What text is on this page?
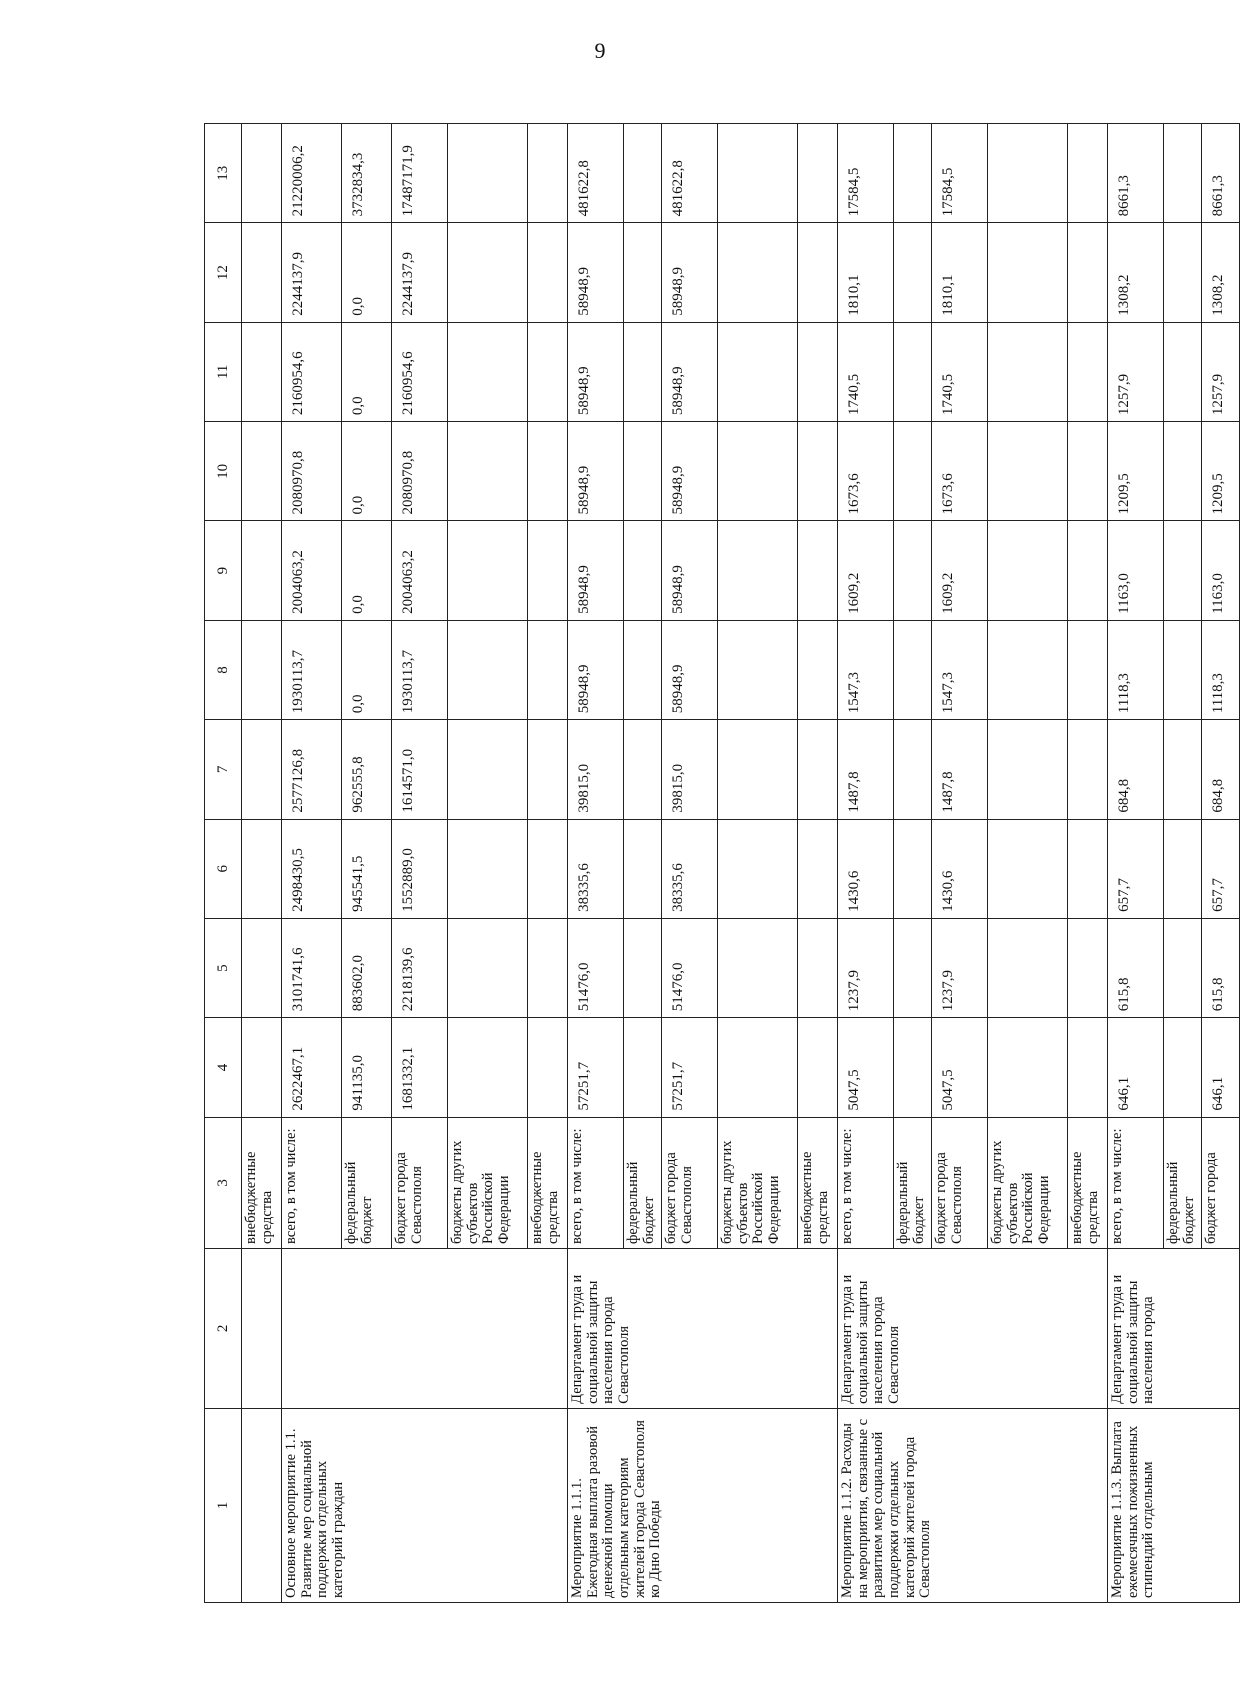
9
1	2	3	4	5	6	7	8	9	10	11	12	13
		внебюджетные средства										
Основное мероприятие 1.1. Развитие мер социальной поддержки отдельных категорий граждан		всего, в том числе:	2622467,1	3101741,6	2498430,5	2577126,8	1930113,7	2004063,2	2080970,8	2160954,6	2244137,9	21220006,2
		федеральный бюджет	941135,0	883602,0	945541,5	962555,8	0,0	0,0	0,0	0,0	0,0	3732834,3
		бюджет города Севастополя	1681332,1	2218139,6	1552889,0	1614571,0	1930113,7	2004063,2	2080970,8	2160954,6	2244137,9	17487171,9
		бюджеты других субъектов Российской Федерации										
		внебюджетные средства										
Мероприятие 1.1.1. Ежегодная выплата разовой денежной помощи отдельным категориям жителей города Севастополя ко Дню Победы	Департамент труда и социальной защиты населения города Севастополя	всего, в том числе:	57251,7	51476,0	38335,6	39815,0	58948,9	58948,9	58948,9	58948,9	58948,9	481622,8
		федеральный бюджет										
		бюджет города Севастополя	57251,7	51476,0	38335,6	39815,0	58948,9	58948,9	58948,9	58948,9	58948,9	481622,8
		бюджеты других субъектов Российской Федерации										
		внебюджетные средства										
Мероприятие 1.1.2. Расходы на мероприятия, связанные с развитием мер социальной поддержки отдельных категорий жителей города Севастополя	Департамент труда и социальной защиты населения города Севастополя	всего, в том числе:	5047,5	1237,9	1430,6	1487,8	1547,3	1609,2	1673,6	1740,5	1810,1	17584,5
		федеральный бюджет										
		бюджет города Севастополя	5047,5	1237,9	1430,6	1487,8	1547,3	1609,2	1673,6	1740,5	1810,1	17584,5
		бюджеты других субъектов Российской Федерации										
		внебюджетные средства										
Мероприятие 1.1.3. Выплата ежемесячных пожизненных стипендий отдельным	Департамент труда и социальной защиты населения города	всего, в том числе:	646,1	615,8	657,7	684,8	1118,3	1163,0	1209,5	1257,9	1308,2	8661,3
		федеральный бюджет										
		бюджет города	646,1	615,8	657,7	684,8	1118,3	1163,0	1209,5	1257,9	1308,2	8661,3
